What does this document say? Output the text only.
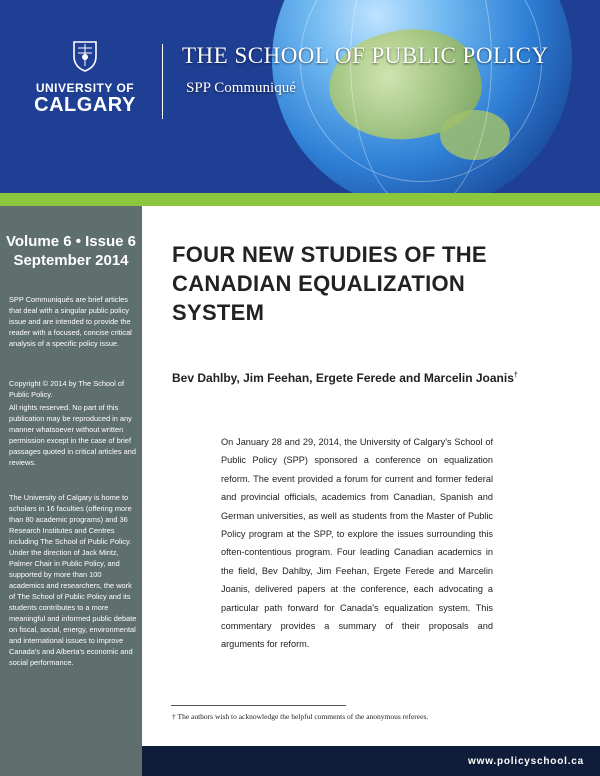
UNIVERSITY OF
CALGARY
THE SCHOOL OF PUBLIC POLICY
SPP Communiqué
Volume 6 • Issue 6
September 2014

SPP Communiqués are brief articles that deal with a singular public policy issue and are intended to provide the reader with a focused, concise critical analysis of a specific policy issue.

Copyright © 2014 by The School of Public Policy.

All rights reserved. No part of this publication may be reproduced in any manner whatsoever without written permission except in the case of brief passages quoted in critical articles and reviews.

The University of Calgary is home to scholars in 16 faculties (offering more than 80 academic programs) and 36 Research Institutes and Centres including The School of Public Policy. Under the direction of Jack Mintz, Palmer Chair in Public Policy, and supported by more than 100 academics and researchers, the work of The School of Public Policy and its students contributes to a more meaningful and informed public debate on fiscal, social, energy, environmental and international issues to improve Canada's and Alberta's economic and social performance.

FOUR NEW STUDIES OF THE CANADIAN EQUALIZATION SYSTEM

Bev Dahlby, Jim Feehan, Ergete Ferede and Marcelin Joanis†

On January 28 and 29, 2014, the University of Calgary's School of Public Policy (SPP) sponsored a conference on equalization reform. The event provided a forum for current and former federal and provincial officials, academics from Canadian, Spanish and German universities, as well as students from the Master of Public Policy program at the SPP, to explore the issues surrounding this often-contentious program. Four leading Canadian academics in the field, Bev Dahlby, Jim Feehan, Ergete Ferede and Marcelin Joanis, delivered papers at the conference, each advocating a particular path forward for Canada's equalization system. This commentary provides a summary of their proposals and arguments for reform.

† The authors wish to acknowledge the helpful comments of the anonymous referees.

www.policyschool.ca
